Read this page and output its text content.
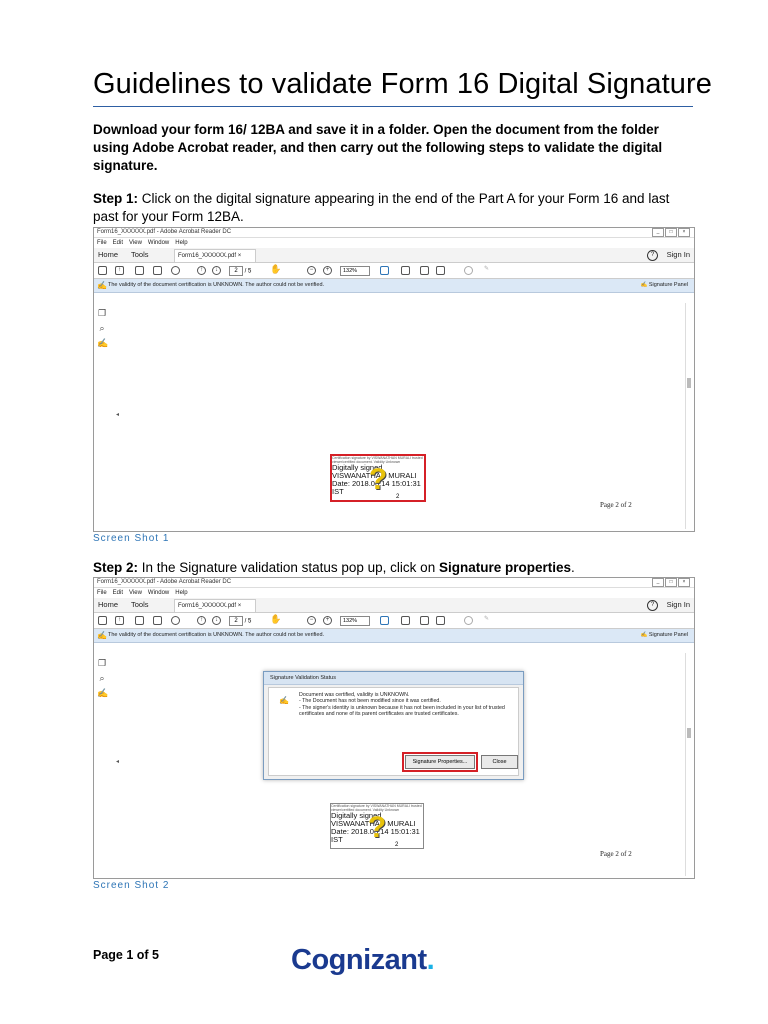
Guidelines to validate Form 16 Digital Signature
Download your form 16/ 12BA and save it in a folder. Open the document from the folder using Adobe Acrobat reader, and then carry out the following steps to validate the digital signature.
Step 1: Click on the digital signature appearing in the end of the Part A for your Form 16 and last past for your Form 12BA.
Form16_XXXXXX.pdf - Adobe Acrobat Reader DC	_ □ ×
File Edit View Window Help
Home Tools	Form16_XXXXXX.pdf ×	?	Sign In
↑	↑	↓	2 / 5 ✋	−	+	132%	✎
✍ The validity of the document certification is UNKNOWN. The author could not be verified.	✍ Signature Panel
❐
⌕
✍
◂
Certification signature by VISWANATHAN MURALI trusted viewer/certified document. Validity Unknown
Digitally signed
VISWANATHAN MURALI
Date: 2018.06.14 15:01:31
IST ?
2
Page 2 of 2
Screen Shot 1
Step 2: In the Signature validation status pop up, click on Signature properties.
Form16_XXXXXX.pdf - Adobe Acrobat Reader DC	_ □ ×
File Edit View Window Help
Home Tools	Form16_XXXXXX.pdf ×	?	Sign In
↑	↑	↓	2 / 5 ✋	−	+	132%	✎
✍ The validity of the document certification is UNKNOWN. The author could not be verified.	✍ Signature Panel
❐
⌕
✍
◂
Signature Validation Status
✍
Document was certified, validity is UNKNOWN.
- The Document has not been modified since it was certified.
- The signer's identity is unknown because it has not been included in your list of trusted certificates and none of its parent certificates are trusted certificates.
Signature Properties...	Close
Certification signature by VISWANATHAN MURALI trusted viewer/certified document. Validity Unknown
Digitally signed
VISWANATHAN MURALI
Date: 2018.06.14 15:01:31
IST ?
2
Page 2 of 2
Screen Shot 2
Page 1 of 5	Cognizant.
